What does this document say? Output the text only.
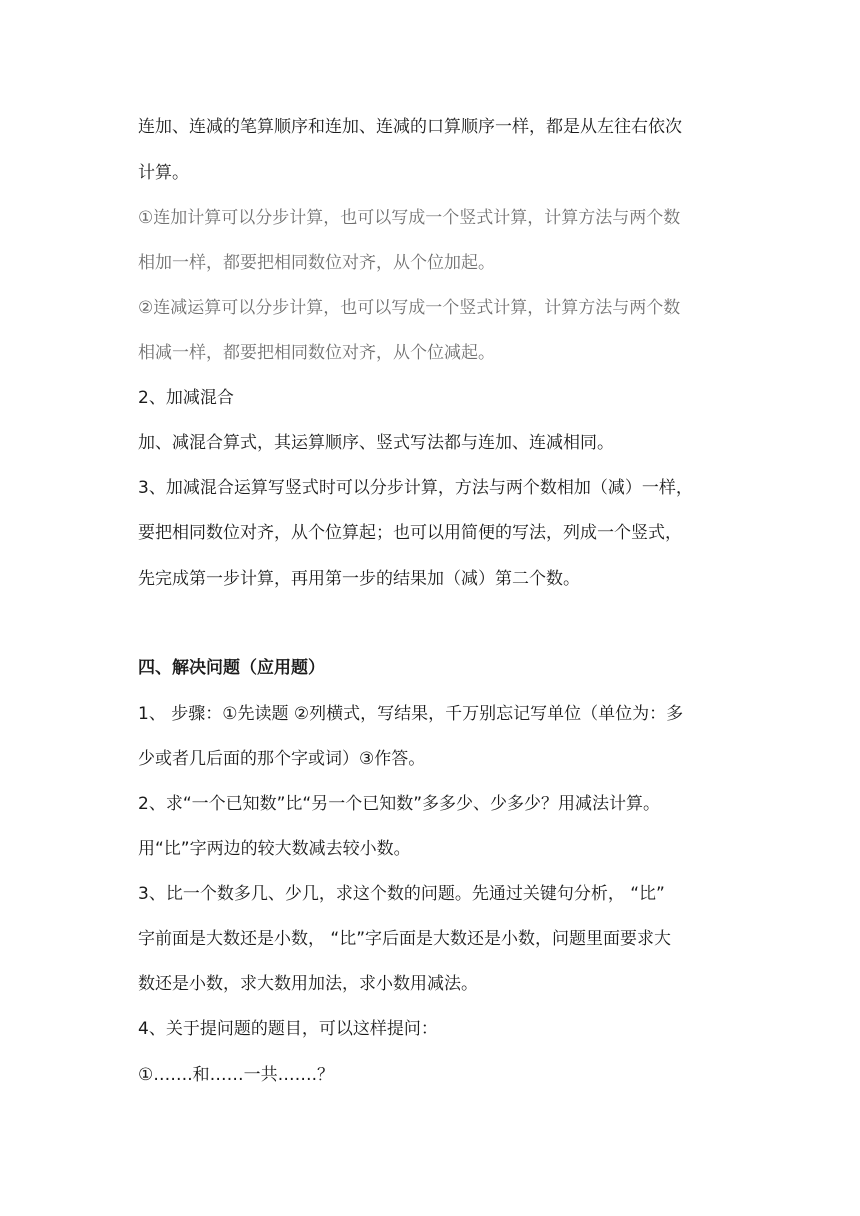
连加、连减的笔算顺序和连加、连减的口算顺序一样，都是从左往右依次

计算。

①连加计算可以分步计算，也可以写成一个竖式计算，计算方法与两个数

相加一样，都要把相同数位对齐，从个位加起。

②连减运算可以分步计算，也可以写成一个竖式计算，计算方法与两个数

相减一样，都要把相同数位对齐，从个位减起。

2、加减混合

加、减混合算式，其运算顺序、竖式写法都与连加、连减相同。

3、加减混合运算写竖式时可以分步计算，方法与两个数相加（减）一样，

要把相同数位对齐，从个位算起；也可以用简便的写法，列成一个竖式，

先完成第一步计算，再用第一步的结果加（减）第二个数。

四、解决问题（应用题）

1、 步骤：①先读题 ②列横式，写结果，千万别忘记写单位（单位为：多

少或者几后面的那个字或词）③作答。

2、求“一个已知数”比“另一个已知数”多多少、少多少？用减法计算。

用“比”字两边的较大数减去较小数。

3、比一个数多几、少几，求这个数的问题。先通过关键句分析， “比”

字前面是大数还是小数， “比”字后面是大数还是小数，问题里面要求大

数还是小数，求大数用加法，求小数用减法。

4、关于提问题的题目，可以这样提问：

①…….和……一共…….？
